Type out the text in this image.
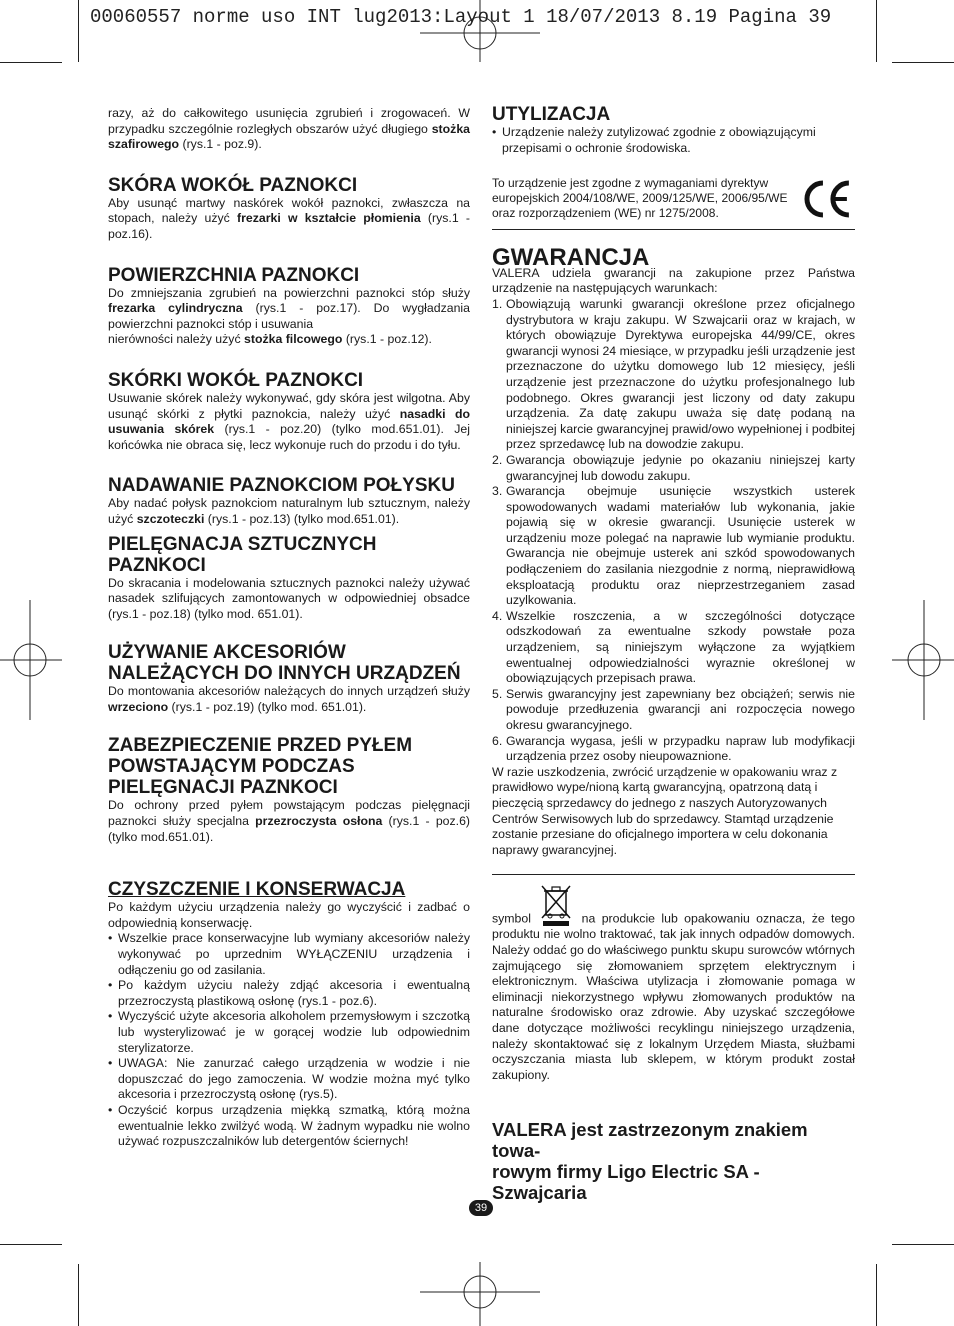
00060557 norme uso INT lug2013:Layout 1 18/07/2013 8.19 Pagina 39

razy, aż do całkowitego usunięcia zgrubień i zrogowaceń. W przypadku szczególnie rozległych obszarów użyć długiego stożka szafirowego (rys.1 - poz.9).

SKÓRA WOKÓŁ PAZNOKCI

Aby usunąć martwy naskórek wokół paznokci, zwłaszcza na stopach, należy użyć frezarki w kształcie płomienia (rys.1 - poz.16).

POWIERZCHNIA PAZNOKCI

Do zmniejszania zgrubień na powierzchni paznokci stóp służy frezarka cylindryczna (rys.1 - poz.17). Do wygładzania powierzchni paznokci stóp i usuwania
nierówności należy użyć stożka filcowego (rys.1 - poz.12).

SKÓRKI WOKÓŁ PAZNOKCI

Usuwanie skórek należy wykonywać, gdy skóra jest wilgotna. Aby usunąć skórki z płytki paznokcia, należy użyć nasadki do usuwania skórek (rys.1 - poz.20) (tylko mod.651.01). Jej końcówka nie obraca się, lecz wykonuje ruch do przodu i do tyłu.

NADAWANIE PAZNOKCIOM POŁYSKU

Aby nadać połysk paznokciom naturalnym lub sztucznym, należy użyć szczoteczki (rys.1 - poz.13) (tylko mod.651.01).

PIELĘGNACJA SZTUCZNYCH PAZNKOCI

Do skracania i modelowania sztucznych paznokci należy używać nasadek szlifujących zamontowanych w odpowiedniej obsadce (rys.1 - poz.18) (tylko mod. 651.01).

UŻYWANIE AKCESORIÓW NALEŻĄCYCH DO INNYCH URZĄDZEŃ

Do montowania akcesoriów należących do innych urządzeń służy wrzeciono (rys.1 - poz.19) (tylko mod. 651.01).

ZABEZPIECZENIE PRZED PYŁEM POWSTAJĄCYM PODCZAS PIELĘGNACJI PAZNKOCI

Do ochrony przed pyłem powstającym podczas pielęgnacji paznokci służy specjalna przezroczysta osłona (rys.1 - poz.6) (tylko mod.651.01).

CZYSZCZENIE I KONSERWACJA

Po każdym użyciu urządzenia należy go wyczyścić i zadbać o odpowiednią konserwację.

• Wszelkie prace konserwacyjne lub wymiany akcesoriów należy wykonywać po uprzednim WYŁĄCZENIU urządzenia i odłączeniu go od zasilania.
• Po każdym użyciu należy zdjąć akcesoria i ewentualną przezroczystą plastikową osłonę (rys.1 - poz.6).
• Wyczyścić użyte akcesoria alkoholem przemysłowym i szczotką lub wysterylizować je w gorącej wodzie lub odpowiednim sterylizatorze.
• UWAGA: Nie zanurzać całego urządzenia w wodzie i nie dopuszczać do jego zamoczenia. W wodzie można myć tylko akcesoria i przezroczystą osłonę (rys.5).
• Oczyścić korpus urządzenia miękką szmatką, którą można ewentualnie lekko zwilżyć wodą. W żadnym wypadku nie wolno używać rozpuszczalników lub detergentów ściernych!
UTYLIZACJA
• Urządzenie należy zutylizować zgodnie z obowiązującymi przepisami o ochronie środowiska.
To urządzenie jest zgodne z wymaganiami dyrektyw europejskich 2004/108/WE, 2009/125/WE, 2006/95/WE oraz rozporządzeniem (WE) nr 1275/2008.
GWARANCJA

VALERA udziela gwarancji na zakupione przez Państwa urządzenie na następujących warunkach:

1. Obowiązują warunki gwarancji określone przez oficjalnego dystrybutora w kraju zakupu. W Szwajcarii oraz w krajach, w których obowiązuje Dyrektywa europejska 44/99/CE, okres gwarancji wynosi 24 miesiące, w przypadku jeśli urządzenie jest przeznaczone do użytku domowego lub 12 miesięcy, jeśli urządzenie jest przeznaczone do użytku profesjonalnego lub podobnego. Okres gwarancji jest liczony od daty zakupu urządzenia. Za datę zakupu uważa się datę podaną na niniejszej karcie gwarancyjnej prawid/owo wypełnionej i podbitej przez sprzedawcę lub na dowodzie zakupu.
2. Gwarancja obowiązuje jedynie po okazaniu niniejszej karty gwarancyjnej lub dowodu zakupu.
3. Gwarancja obejmuje usunięcie wszystkich usterek spowodowanych wadami materiałów lub wykonania, jakie pojawią się w okresie gwarancji. Usunięcie usterek w urządzeniu moze polegać na naprawie lub wymianie produktu. Gwarancja nie obejmuje usterek ani szkód spowodowanych podłączeniem do zasilania niezgodnie z normą, nieprawidłową eksploatacją produktu oraz nieprzestrzeganiem zasad uzylkowania.
4. Wszelkie roszczenia, a w szczególności dotyczące odszkodowań za ewentualne szkody powstałe poza urządzeniem, są niniejszym wyłączone za wyjątkiem ewentualnej odpowiedzialności wyraznie określonej w obowiązujących przepisach prawa.
5. Serwis gwarancyjny jest zapewniany bez obciążeń; serwis nie powoduje przedłuzenia gwarancji ani rozpoczęcia nowego okresu gwarancyjnego.
6. Gwarancja wygasa, jeśli w przypadku napraw lub modyfikacji urządzenia przez osoby nieupowaznione.

W razie uszkodzenia, zwrócić urządzenie w opakowaniu wraz z prawidłowo wype/nioną kartą gwarancyjną, opatrzoną datą i pieczęcią sprzedawcy do jednego z naszych Autoryzowanych Centrów Serwisowych lub do sprzedawcy. Stamtąd urządzenie zostanie przesiane do oficjalnego importera w celu dokonania naprawy gwarancyjnej.

symbol	na produkcie lub opakowaniu oznacza, że tego produktu nie wolno traktować, tak jak innych odpadów domowych. Należy oddać go do właściwego punktu skupu surowców wtórnych zajmującego się złomowaniem sprzętem elektrycznym i elektronicznym. Właściwa utylizacja i złomowanie pomaga w eliminacji niekorzystnego wpływu złomowanych produktów na naturalne środowisko oraz zdrowie. Aby uzyskać szczegółowe dane dotyczące możliwości recyklingu niniejszego urządzenia, należy skontaktować się z lokalnym Urzędem Miasta, służbami oczyszczania miasta lub sklepem, w którym produkt został zakupiony.

VALERA jest zastrzezonym znakiem towa-
rowym firmy Ligo Electric SA - Szwajcaria
39
